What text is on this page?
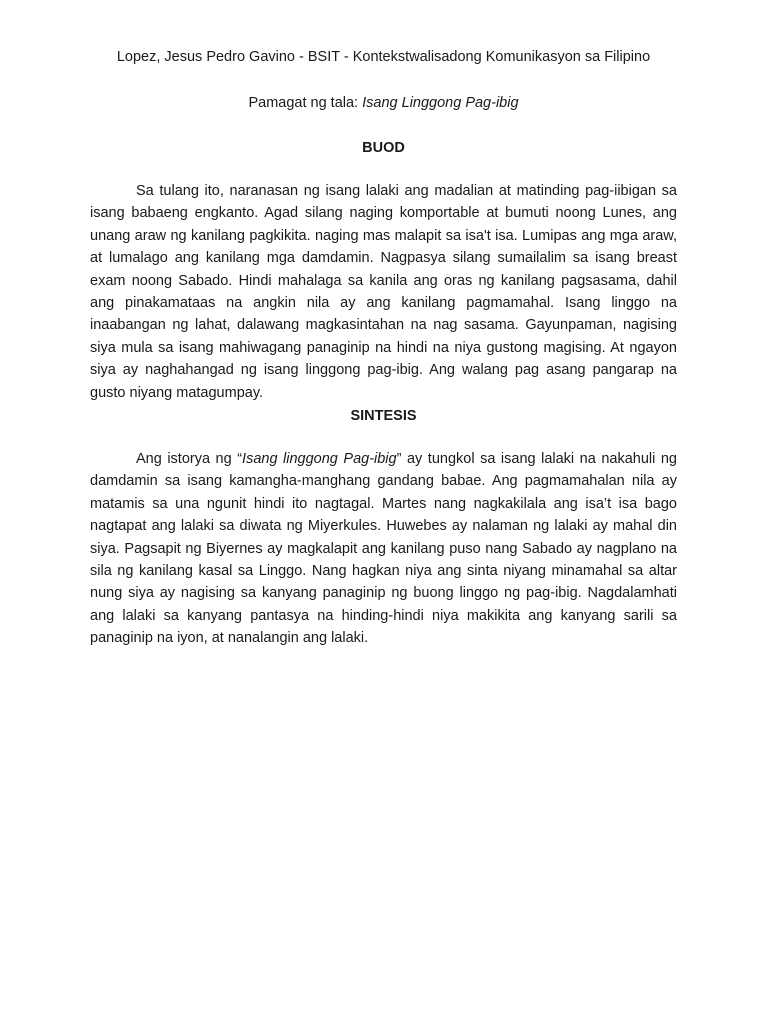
Lopez, Jesus Pedro Gavino - BSIT - Kontekstwalisadong Komunikasyon sa Filipino
Pamagat ng tala: Isang Linggong Pag-ibig
BUOD

Sa tulang ito, naranasan ng isang lalaki ang madalian at matinding pag-iibigan sa isang babaeng engkanto. Agad silang naging komportable at bumuti noong Lunes, ang unang araw ng kanilang pagkikita. naging mas malapit sa isa't isa. Lumipas ang mga araw, at lumalago ang kanilang mga damdamin. Nagpasya silang sumailalim sa isang breast exam noong Sabado. Hindi mahalaga sa kanila ang oras ng kanilang pagsasama, dahil ang pinakamataas na angkin nila ay ang kanilang pagmamahal. Isang linggo na inaabangan ng lahat, dalawang magkasintahan na nag sasama. Gayunpaman, nagising siya mula sa isang mahiwagang panaginip na hindi na niya gustong magising. At ngayon siya ay naghahangad ng isang linggong pag-ibig. Ang walang pag asang pangarap na gusto niyang matagumpay.

SINTESIS

Ang istorya ng “Isang linggong Pag-ibig” ay tungkol sa isang lalaki na nakahuli ng damdamin sa isang kamangha-manghang gandang babae. Ang pagmamahalan nila ay matamis sa una ngunit hindi ito nagtagal. Martes nang nagkakilala ang isa’t isa bago nagtapat ang lalaki sa diwata ng Miyerkules. Huwebes ay nalaman ng lalaki ay mahal din siya. Pagsapit ng Biyernes ay magkalapit ang kanilang puso nang Sabado ay nagplano na sila ng kanilang kasal sa Linggo. Nang hagkan niya ang sinta niyang minamahal sa altar nung siya ay nagising sa kanyang panaginip ng buong linggo ng pag-ibig. Nagdalamhati ang lalaki sa kanyang pantasya na hinding-hindi niya makikita ang kanyang sarili sa panaginip na iyon, at nanalangin ang lalaki.
